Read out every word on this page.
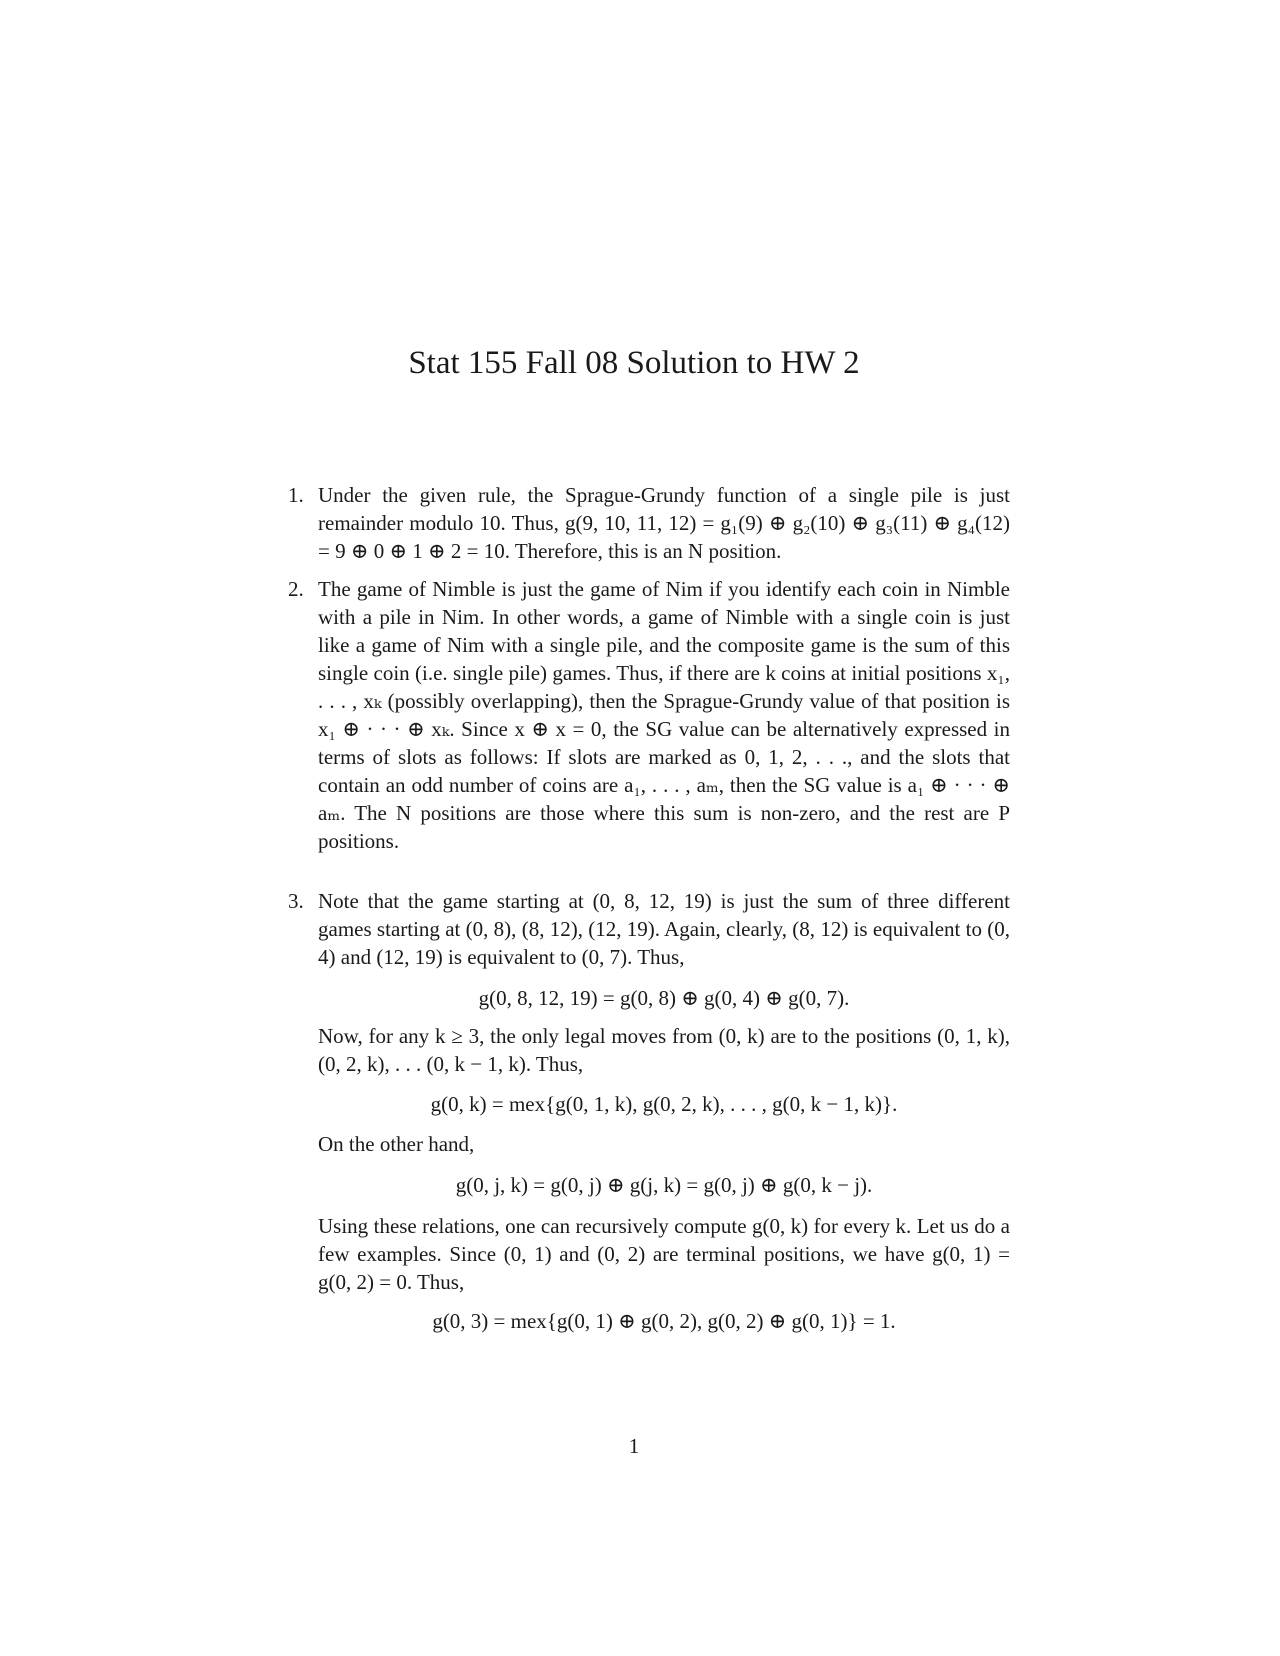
Stat 155 Fall 08 Solution to HW 2
1. Under the given rule, the Sprague-Grundy function of a single pile is just remainder modulo 10. Thus, g(9, 10, 11, 12) = g₁(9) ⊕ g₂(10) ⊕ g₃(11) ⊕ g₄(12) = 9 ⊕ 0 ⊕ 1 ⊕ 2 = 10. Therefore, this is an N position.
2. The game of Nimble is just the game of Nim if you identify each coin in Nimble with a pile in Nim. In other words, a game of Nimble with a single coin is just like a game of Nim with a single pile, and the composite game is the sum of this single coin (i.e. single pile) games. Thus, if there are k coins at initial positions x₁, . . . , xₖ (possibly overlapping), then the Sprague-Grundy value of that position is x₁ ⊕ · · · ⊕ xₖ. Since x ⊕ x = 0, the SG value can be alternatively expressed in terms of slots as follows: If slots are marked as 0, 1, 2, . . ., and the slots that contain an odd number of coins are a₁, . . . , aₘ, then the SG value is a₁ ⊕ · · · ⊕ aₘ. The N positions are those where this sum is non-zero, and the rest are P positions.
3. Note that the game starting at (0, 8, 12, 19) is just the sum of three different games starting at (0, 8), (8, 12), (12, 19). Again, clearly, (8, 12) is equivalent to (0, 4) and (12, 19) is equivalent to (0, 7). Thus,
g(0, 8, 12, 19) = g(0, 8) ⊕ g(0, 4) ⊕ g(0, 7).
Now, for any k ≥ 3, the only legal moves from (0, k) are to the positions (0, 1, k), (0, 2, k), . . . (0, k − 1, k). Thus,
g(0, k) = mex{g(0, 1, k), g(0, 2, k), . . . , g(0, k − 1, k)}.
On the other hand,
g(0, j, k) = g(0, j) ⊕ g(j, k) = g(0, j) ⊕ g(0, k − j).
Using these relations, one can recursively compute g(0, k) for every k. Let us do a few examples. Since (0, 1) and (0, 2) are terminal positions, we have g(0, 1) = g(0, 2) = 0. Thus,
g(0, 3) = mex{g(0, 1) ⊕ g(0, 2), g(0, 2) ⊕ g(0, 1)} = 1.
1
